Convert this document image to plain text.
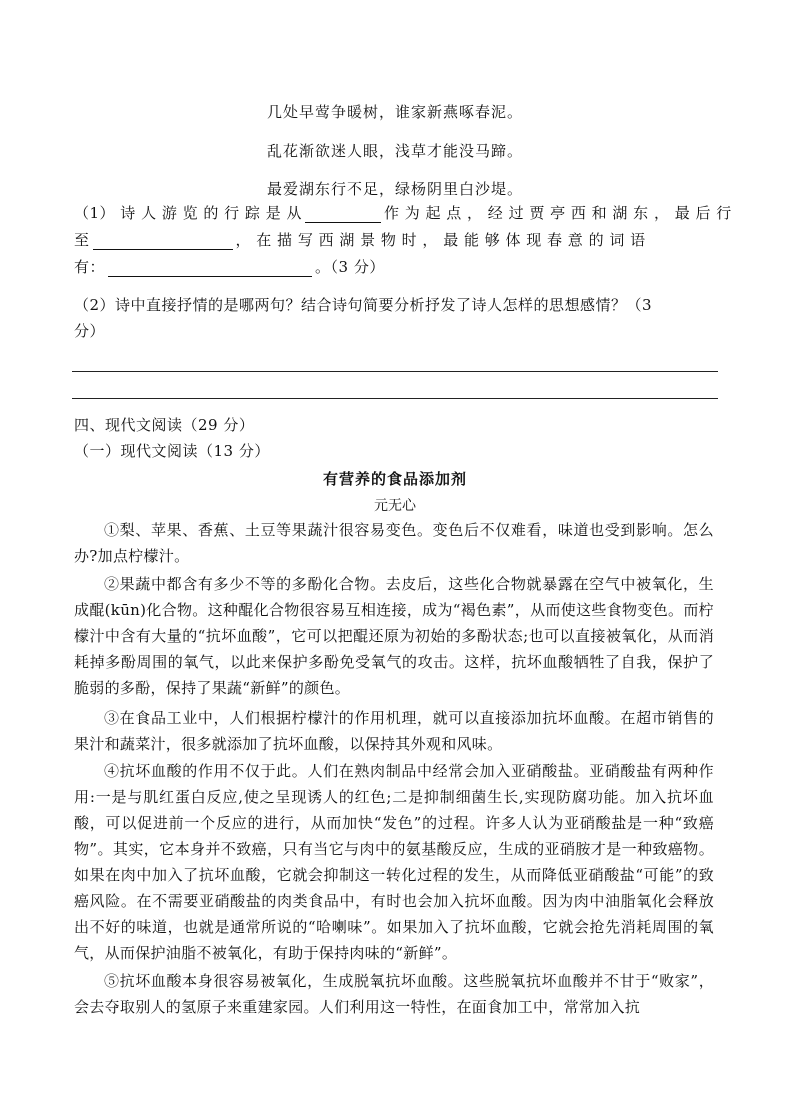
几处早莺争暖树，谁家新燕啄春泥。
乱花渐欲迷人眼，浅草才能没马蹄。
最爱湖东行不足，绿杨阴里白沙堤。
（1） 诗 人 游 览 的 行 踪 是 从	作 为 起 点 ， 经 过 贾 亭 西 和 湖 东 ， 最 后 行
至	， 在 描 写 西 湖 景 物 时 ， 最 能 够 体 现 春 意 的 词 语
有：	。（3 分）
（2）诗中直接抒情的是哪两句？结合诗句简要分析抒发了诗人怎样的思想感情？（3
分）
四、现代文阅读（29 分）
（一）现代文阅读（13 分）
有营养的食品添加剂
元无心
①梨、苹果、香蕉、土豆等果蔬汁很容易变色。变色后不仅难看，味道也受到影响。怎么办?加点柠檬汁。
②果蔬中都含有多少不等的多酚化合物。去皮后，这些化合物就暴露在空气中被氧化，生成醌(kūn)化合物。这种醌化合物很容易互相连接，成为“褐色素”，从而使这些食物变色。而柠檬汁中含有大量的“抗坏血酸”，它可以把醌还原为初始的多酚状态;也可以直接被氧化，从而消耗掉多酚周围的氧气，以此来保护多酚免受氧气的攻击。这样，抗坏血酸牺牲了自我，保护了脆弱的多酚，保持了果蔬“新鲜”的颜色。
③在食品工业中，人们根据柠檬汁的作用机理，就可以直接添加抗坏血酸。在超市销售的果汁和蔬菜汁，很多就添加了抗坏血酸，以保持其外观和风味。
④抗坏血酸的作用不仅于此。人们在熟肉制品中经常会加入亚硝酸盐。亚硝酸盐有两种作用:一是与肌红蛋白反应,使之呈现诱人的红色;二是抑制细菌生长,实现防腐功能。加入抗坏血酸，可以促进前一个反应的进行，从而加快“发色”的过程。许多人认为亚硝酸盐是一种“致癌物”。其实，它本身并不致癌，只有当它与肉中的氨基酸反应，生成的亚硝胺才是一种致癌物。如果在肉中加入了抗坏血酸，它就会抑制这一转化过程的发生，从而降低亚硝酸盐“可能”的致癌风险。在不需要亚硝酸盐的肉类食品中，有时也会加入抗坏血酸。因为肉中油脂氧化会释放出不好的味道，也就是通常所说的“哈喇味”。如果加入了抗坏血酸，它就会抢先消耗周围的氧气，从而保护油脂不被氧化，有助于保持肉味的“新鲜”。
⑤抗坏血酸本身很容易被氧化，生成脱氧抗坏血酸。这些脱氧抗坏血酸并不甘于“败家”，会去夺取别人的氢原子来重建家园。人们利用这一特性，在面食加工中，常常加入抗
